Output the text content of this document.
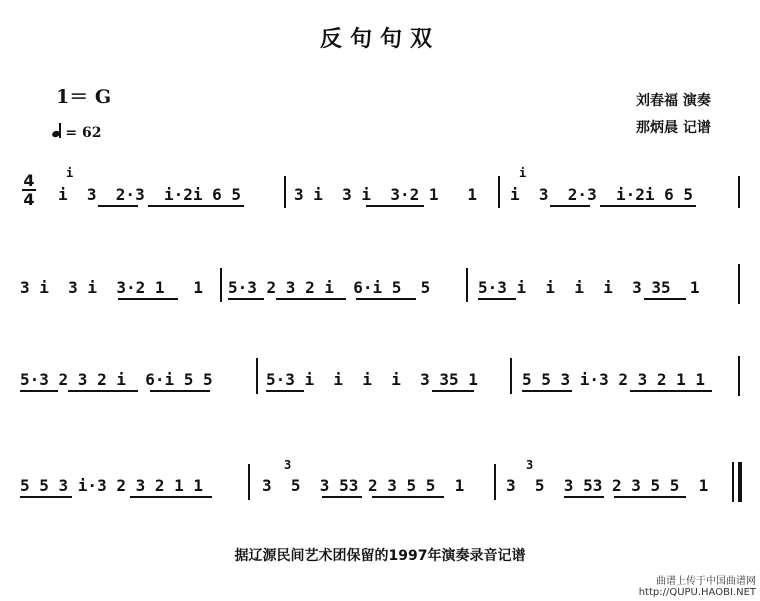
反句句双
1＝ G
= 62
刘春福 演奏
那炳晨 记谱
4
4 i  3  2·3  i·2i 6 5
i
3 i  3 i  3·2 1   1 i  3  2·3  i·2i 6 5
i
3 i  3 i  3·2 1   1 5·3 2 3 2 i  6·i 5  5	5·3 i  i  i  i  3 35  1
5·3 2 3 2 i  6·i 5 5	5·3 i  i  i  i  3 35 1	5 5 3 i·3 2 3 2 1 1
5 5 3 i·3 2 3 2 1 1	3  5  3 53 2 3 5 5  1
3
3  5  3 53 2 3 5 5  1
3
据辽源民间艺术团保留的1997年演奏录音记谱
曲谱上传于中国曲谱网
http://QUPU.HAOBI.NET
